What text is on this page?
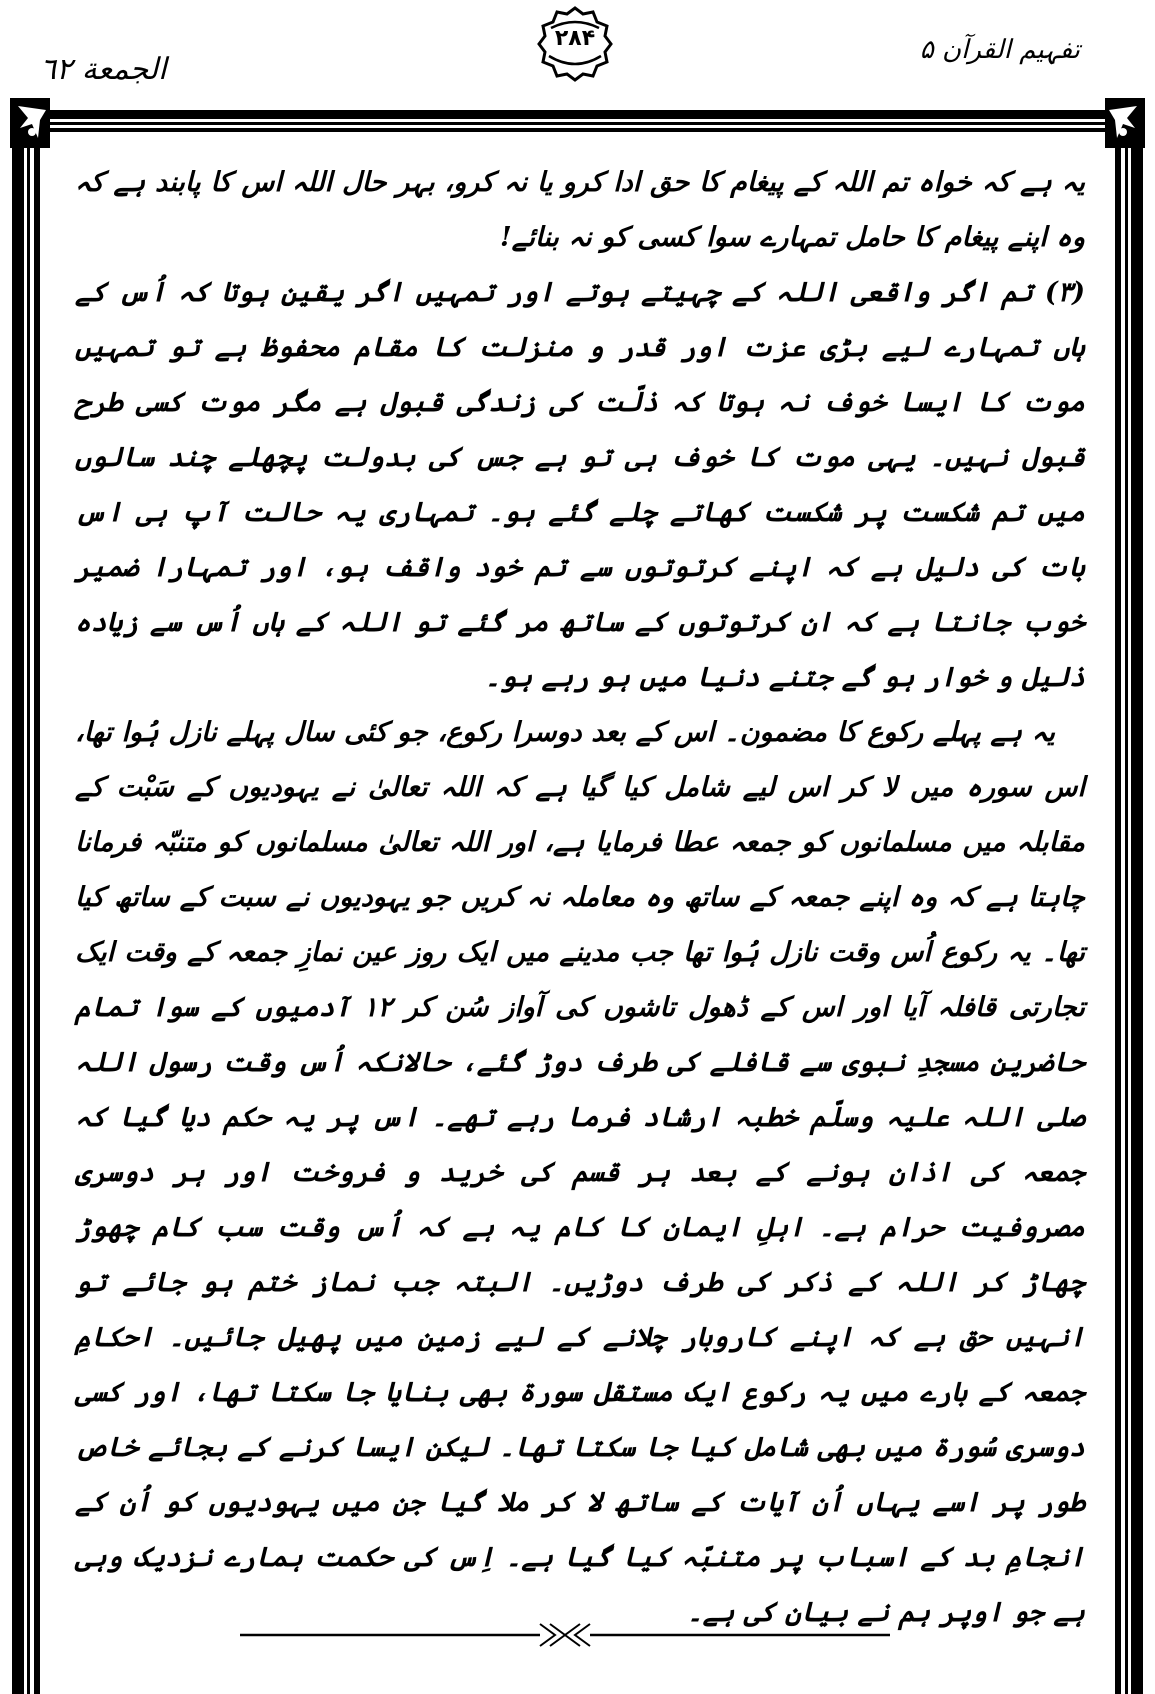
الجمعة ٦٢
۲۸۴	تفہیم القرآن ۵

یہ ہے کہ خواہ تم اللہ کے پیغام کا حق ادا کرو یا نہ کرو، بہر حال اللہ اس کا پابند ہے کہ وہ اپنے پیغام کا حامل تمہارے سوا کسی کو نہ بنائے!

(۳) تم اگر واقعی اللہ کے چہیتے ہوتے اور تمہیں اگر یقین ہوتا کہ اُس کے ہاں تمہارے لیے بڑی عزت اور قدر و منزلت کا مقام محفوظ ہے تو تمہیں موت کا ایسا خوف نہ ہوتا کہ ذلّت کی زندگی قبول ہے مگر موت کسی طرح قبول نہیں۔ یہی موت کا خوف ہی تو ہے جس کی بدولت پچھلے چند سالوں میں تم شکست پر شکست کھاتے چلے گئے ہو۔ تمہاری یہ حالت آپ ہی اس بات کی دلیل ہے کہ اپنے کرتوتوں سے تم خود واقف ہو، اور تمہارا ضمیر خوب جانتا ہے کہ ان کرتوتوں کے ساتھ مر گئے تو اللہ کے ہاں اُس سے زیادہ ذلیل و خوار ہو گے جتنے دنیا میں ہو رہے ہو۔

یہ ہے پہلے رکوع کا مضمون۔ اس کے بعد دوسرا رکوع، جو کئی سال پہلے نازل ہُوا تھا، اس سورہ میں لا کر اس لیے شامل کیا گیا ہے کہ اللہ تعالیٰ نے یہودیوں کے سَبْت کے مقابلہ میں مسلمانوں کو جمعہ عطا فرمایا ہے، اور اللہ تعالیٰ مسلمانوں کو متنبّہ فرمانا چاہتا ہے کہ وہ اپنے جمعہ کے ساتھ وہ معاملہ نہ کریں جو یہودیوں نے سبت کے ساتھ کیا تھا۔ یہ رکوع اُس وقت نازل ہُوا تھا جب مدینے میں ایک روز عین نمازِ جمعہ کے وقت ایک تجارتی قافلہ آیا اور اس کے ڈھول تاشوں کی آواز سُن کر ۱۲ آدمیوں کے سوا تمام حاضرینِ مسجدِ نبوی سے قافلے کی طرف دوڑ گئے، حالانکہ اُس وقت رسول اللہ صلی اللہ علیہ وسلّم خطبہ ارشاد فرما رہے تھے۔ اس پر یہ حکم دیا گیا کہ جمعہ کی اذان ہونے کے بعد ہر قسم کی خرید و فروخت اور ہر دوسری مصروفیت حرام ہے۔ اہلِ ایمان کا کام یہ ہے کہ اُس وقت سب کام چھوڑ چھاڑ کر اللہ کے ذکر کی طرف دوڑیں۔ البتہ جب نماز ختم ہو جائے تو انہیں حق ہے کہ اپنے کاروبار چلانے کے لیے زمین میں پھیل جائیں۔ احکامِ جمعہ کے بارے میں یہ رکوع ایک مستقل سورۃ بھی بنایا جا سکتا تھا، اور کسی دوسری سُورۃ میں بھی شامل کیا جا سکتا تھا۔ لیکن ایسا کرنے کے بجائے خاص طور پر اسے یہاں اُن آیات کے ساتھ لا کر ملا گیا جن میں یہودیوں کو اُن کے انجامِ بد کے اسباب پر متنبّہ کیا گیا ہے۔ اِس کی حکمت ہمارے نزدیک وہی ہے جو اوپر ہم نے بیان کی ہے۔
